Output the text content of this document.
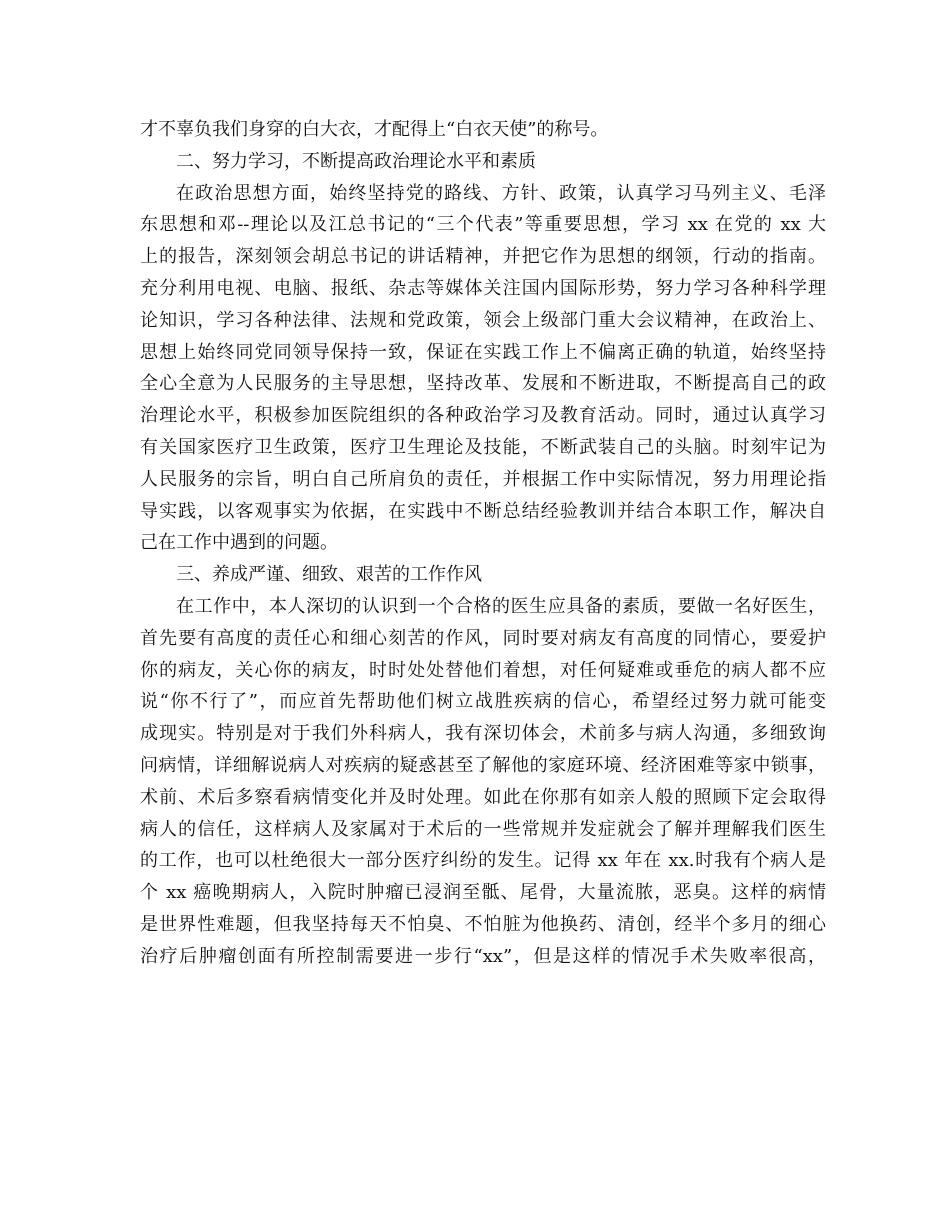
才不辜负我们身穿的白大衣，才配得上“白衣天使”的称号。
二、努力学习，不断提高政治理论水平和素质
在政治思想方面，始终坚持党的路线、方针、政策，认真学习马列主义、毛泽
东思想和邓--理论以及江总书记的“三个代表”等重要思想，学习 xx 在党的 xx 大
上的报告，深刻领会胡总书记的讲话精神，并把它作为思想的纲领，行动的指南。
充分利用电视、电脑、报纸、杂志等媒体关注国内国际形势，努力学习各种科学理
论知识，学习各种法律、法规和党政策，领会上级部门重大会议精神，在政治上、
思想上始终同党同领导保持一致，保证在实践工作上不偏离正确的轨道，始终坚持
全心全意为人民服务的主导思想，坚持改革、发展和不断进取，不断提高自己的政
治理论水平，积极参加医院组织的各种政治学习及教育活动。同时，通过认真学习
有关国家医疗卫生政策，医疗卫生理论及技能，不断武装自己的头脑。时刻牢记为
人民服务的宗旨，明白自己所肩负的责任，并根据工作中实际情况，努力用理论指
导实践，以客观事实为依据，在实践中不断总结经验教训并结合本职工作，解决自
己在工作中遇到的问题。
三、养成严谨、细致、艰苦的工作作风
在工作中，本人深切的认识到一个合格的医生应具备的素质，要做一名好医生，
首先要有高度的责任心和细心刻苦的作风，同时要对病友有高度的同情心，要爱护
你的病友，关心你的病友，时时处处替他们着想，对任何疑难或垂危的病人都不应
说“你不行了”，而应首先帮助他们树立战胜疾病的信心，希望经过努力就可能变
成现实。特别是对于我们外科病人，我有深切体会，术前多与病人沟通，多细致询
问病情，详细解说病人对疾病的疑惑甚至了解他的家庭环境、经济困难等家中锁事，
术前、术后多察看病情变化并及时处理。如此在你那有如亲人般的照顾下定会取得
病人的信任，这样病人及家属对于术后的一些常规并发症就会了解并理解我们医生
的工作，也可以杜绝很大一部分医疗纠纷的发生。记得 xx 年在 xx.时我有个病人是
个 xx 癌晚期病人，入院时肿瘤已浸润至骶、尾骨，大量流脓，恶臭。这样的病情
是世界性难题，但我坚持每天不怕臭、不怕脏为他换药、清创，经半个多月的细心
治疗后肿瘤创面有所控制需要进一步行“xx”，但是这样的情况手术失败率很高，
